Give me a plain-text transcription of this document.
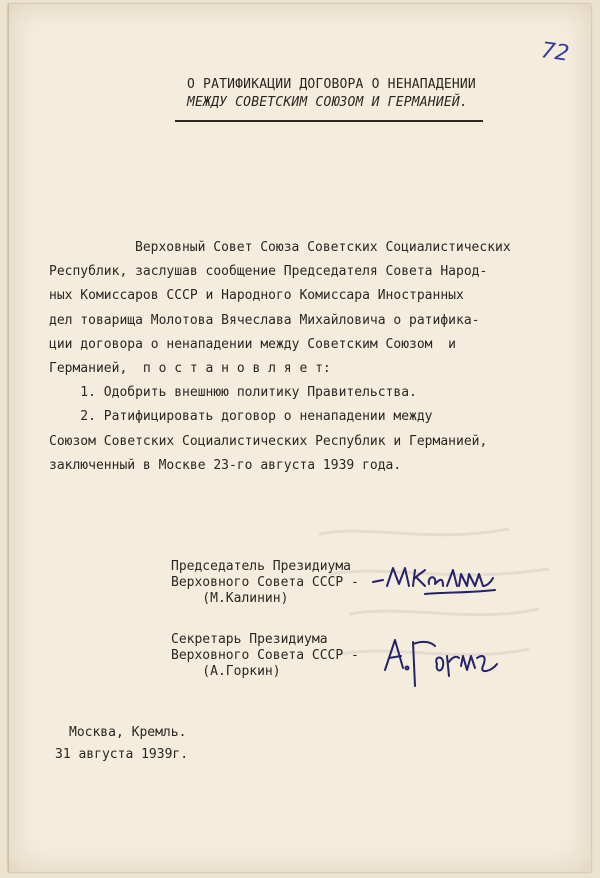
72
О РАТИФИКАЦИИ ДОГОВОРА О НЕНАПАДЕНИИ
МЕЖДУ СОВЕТСКИМ СОЮЗОМ И ГЕРМАНИЕЙ.
Верховный Совет Союза Советских Социалистических
Республик, заслушав сообщение Председателя Совета Народ-
ных Комиссаров СССР и Народного Комиссара Иностранных
дел товарища Молотова Вячеслава Михайловича о ратифика-
ции договора о ненападении между Советским Союзом  и
Германией,  п о с т а н о в л я е т:
1. Одобрить внешнюю политику Правительства.
2. Ратифицировать договор о ненападении между
Союзом Советских Социалистических Республик и Германией,
заключенный в Москве 23-го августа 1939 года.
Председатель Президиума
Верховного Совета СССР -
(М.Калинин)
Секретарь Президиума
Верховного Совета СССР -
(А.Горкин)
Москва, Кремль.
31 августа 1939г.
